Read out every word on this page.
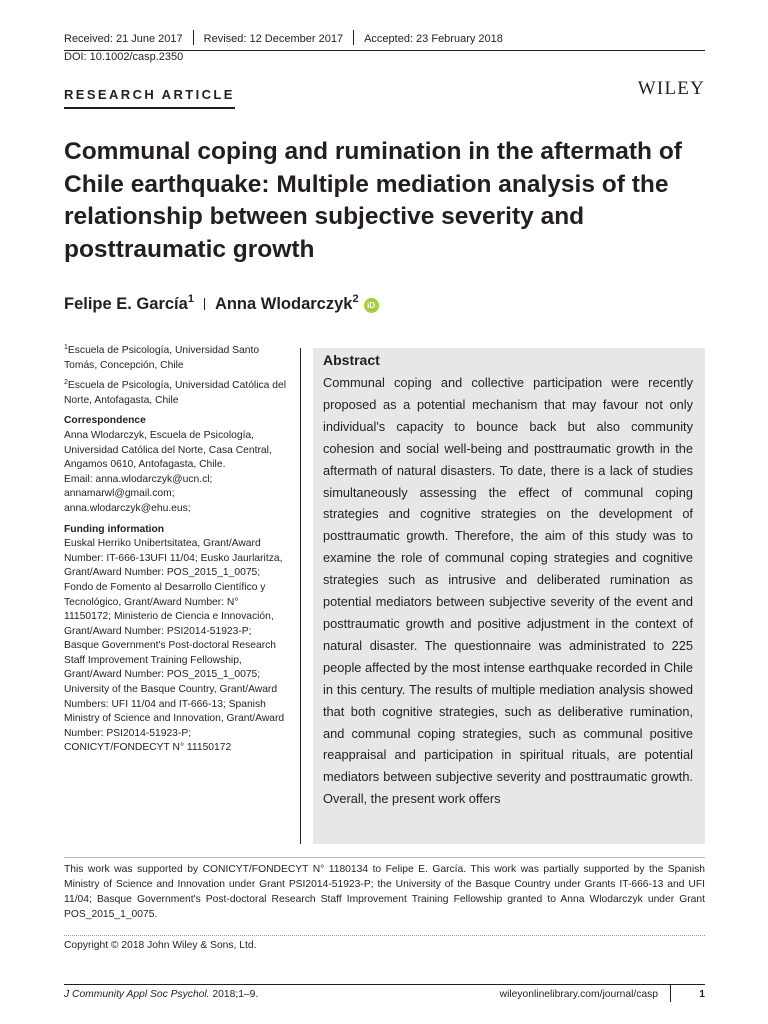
Received: 21 June 2017 Revised: 12 December 2017 Accepted: 23 February 2018
DOI: 10.1002/casp.2350
RESEARCH ARTICLE	WILEY
Communal coping and rumination in the aftermath of Chile earthquake: Multiple mediation analysis of the relationship between subjective severity and posttraumatic growth
Felipe E. García$^1$ Anna Wlodarczyk$^2$iD

$^1$Escuela de Psicología, Universidad Santo Tomás, Concepción, Chile

$^2$Escuela de Psicología, Universidad Católica del Norte, Antofagasta, Chile

Correspondence

Anna Wlodarczyk, Escuela de Psicología, Universidad Católica del Norte, Casa Central, Angamos 0610, Antofagasta, Chile.

Email: anna.wlodarczyk@ucn.cl; annamarwl@gmail.com; anna.wlodarczyk@ehu.eus;

Funding information

Euskal Herriko Unibertsitatea, Grant/Award Number: IT-666-13UFI 11/04; Eusko Jaurlaritza, Grant/Award Number: POS_2015_1_0075; Fondo de Fomento al Desarrollo Científico y Tecnológico, Grant/Award Number: N° 11150172; Ministerio de Ciencia e Innovación, Grant/Award Number: PSI2014-51923-P; Basque Government's Post-doctoral Research Staff Improvement Training Fellowship, Grant/Award Number: POS_2015_1_0075; University of the Basque Country, Grant/Award Numbers: UFI 11/04 and IT-666-13; Spanish Ministry of Science and Innovation, Grant/Award Number: PSI2014-51923-P; CONICYT/FONDECYT N° 11150172

Abstract

Communal coping and collective participation were recently proposed as a potential mechanism that may favour not only individual's capacity to bounce back but also community cohesion and social well-being and posttraumatic growth in the aftermath of natural disasters. To date, there is a lack of studies simultaneously assessing the effect of communal coping strategies and cognitive strategies on the development of posttraumatic growth. Therefore, the aim of this study was to examine the role of communal coping strategies and cognitive strategies such as intrusive and deliberated rumination as potential mediators between subjective severity of the event and posttraumatic growth and positive adjustment in the context of natural disaster. The questionnaire was administrated to 225 people affected by the most intense earthquake recorded in Chile in this century. The results of multiple mediation analysis showed that both cognitive strategies, such as deliberative rumination, and communal coping strategies, such as communal positive reappraisal and participation in spiritual rituals, are potential mediators between subjective severity and posttraumatic growth. Overall, the present work offers

This work was supported by CONICYT/FONDECYT N° 1180134 to Felipe E. García. This work was partially supported by the Spanish Ministry of Science and Innovation under Grant PSI2014-51923-P; the University of the Basque Country under Grants IT-666-13 and UFI 11/04; Basque Government's Post-doctoral Research Staff Improvement Training Fellowship granted to Anna Wlodarczyk under Grant POS_2015_1_0075.
Copyright © 2018 John Wiley & Sons, Ltd.
J Community Appl Soc Psychol. 2018;1–9.	wileyonlinelibrary.com/journal/casp	1
